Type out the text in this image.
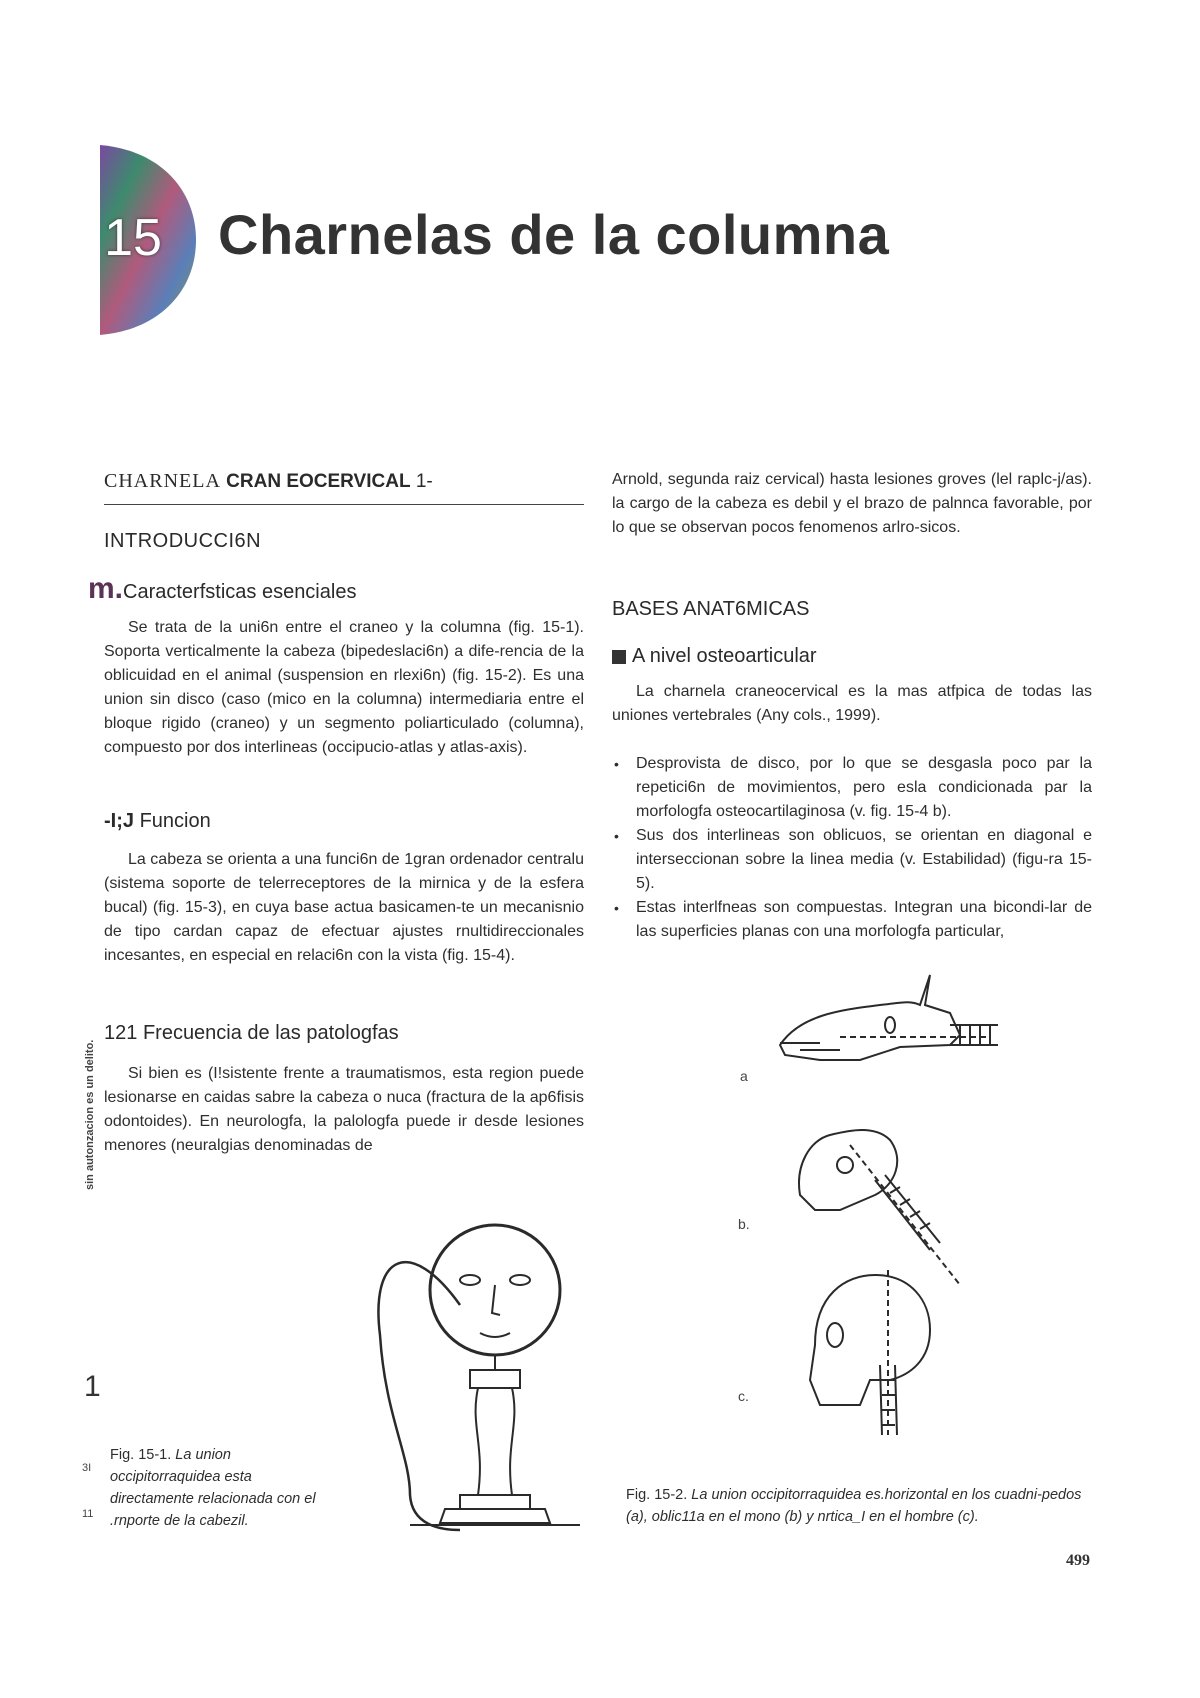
15 Charnelas de la columna
CHARNELA CRAN EOCERVICAL 1-
INTRODUCCI6N
m.Caracterfsticas esenciales
Se trata de la uni6n entre el craneo y la columna (fig. 15-1). Soporta verticalmente la cabeza (bipedeslaci6n) a dife-rencia de la oblicuidad en el animal (suspension en rlexi6n) (fig. 15-2). Es una union sin disco (caso (mico en la columna) intermediaria entre el bloque rigido (craneo) y un segmento poliarticulado (columna), compuesto por dos interlineas (occipucio-atlas y atlas-axis).
-I;J Funcion
La cabeza se orienta a una funci6n de 1gran ordenador centralu (sistema soporte de telerreceptores de la mirnica y de la esfera bucal) (fig. 15-3), en cuya base actua basicamen-te un mecanisnio de tipo cardan capaz de efectuar ajustes rnultidireccionales incesantes, en especial en relaci6n con la vista (fig. 15-4).
121 Frecuencia de las patologfas
Si bien es (I!sistente frente a traumatismos, esta region puede lesionarse en caidas sabre la cabeza o nuca (fractura de la ap6fisis odontoides). En neurologfa, la palologfa puede ir desde lesiones menores (neuralgias denominadas de
Fig. 15-1. La union occipitorraquidea esta directamente relacionada con el .rnporte de la cabezil.
sin autonzacion es un delito.
1
3I
11
Arnold, segunda raiz cervical) hasta lesiones groves (lel raplc-j/as). la cargo de la cabeza es debil y el brazo de palnnca favorable, por lo que se observan pocos fenomenos arlro-sicos.
BASES ANAT6MICAS
A nivel osteoarticular
La charnela craneocervical es la mas atfpica de todas las uniones vertebrales (Any cols., 1999).
• Desprovista de disco, por lo que se desgasla poco par la repetici6n de movimientos, pero esla condicionada par la morfologfa osteocartilaginosa (v. fig. 15-4 b).
• Sus dos interlineas son oblicuos, se orientan en diagonal e interseccionan sobre la linea media (v. Estabilidad) (figu-ra 15-5).
• Estas interlfneas son compuestas. Integran una bicondi-lar de las superficies planas con una morfologfa particular,
a
b.
c.
Fig. 15-2. La union occipitorraquidea es.horizontal en los cuadni-pedos (a), oblic11a en el mono (b) y nrtica_I en el hombre (c).
499
